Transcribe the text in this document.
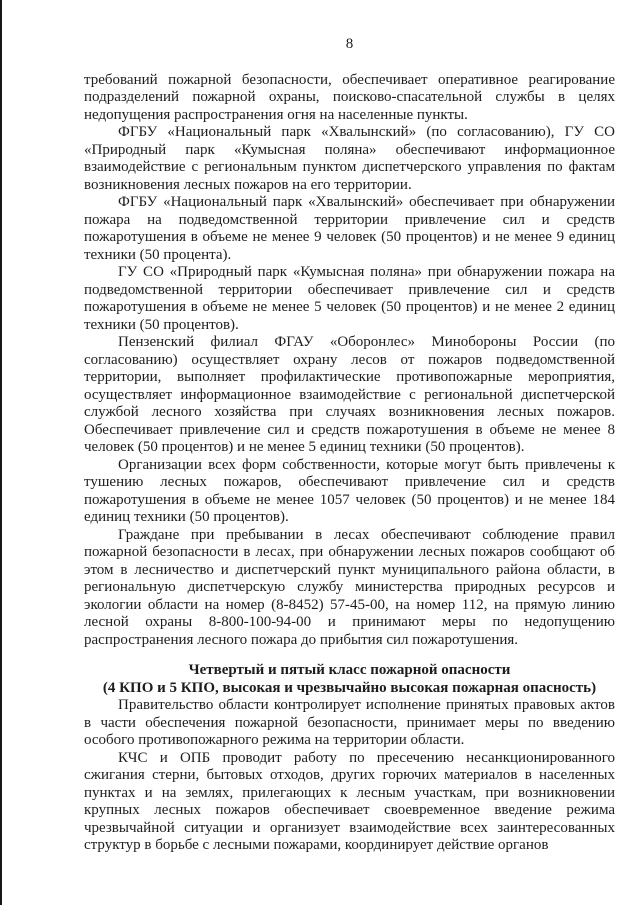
8

требований пожарной безопасности, обеспечивает оперативное реагирование подразделений пожарной охраны, поисково-спасательной службы в целях недопущения распространения огня на населенные пункты.

ФГБУ «Национальный парк «Хвалынский» (по согласованию), ГУ СО «Природный парк «Кумысная поляна» обеспечивают информационное взаимодействие с региональным пунктом диспетчерского управления по фактам возникновения лесных пожаров на его территории.

ФГБУ «Национальный парк «Хвалынский» обеспечивает при обнаружении пожара на подведомственной территории привлечение сил и средств пожаротушения в объеме не менее 9 человек (50 процентов) и не менее 9 единиц техники (50 процента).

ГУ СО «Природный парк «Кумысная поляна» при обнаружении пожара на подведомственной территории обеспечивает привлечение сил и средств пожаротушения в объеме не менее 5 человек (50 процентов) и не менее 2 единиц техники (50 процентов).

Пензенский филиал ФГАУ «Оборонлес» Минобороны России (по согласованию) осуществляет охрану лесов от пожаров подведомственной территории, выполняет профилактические противопожарные мероприятия, осуществляет информационное взаимодействие с региональной диспетчерской службой лесного хозяйства при случаях возникновения лесных пожаров. Обеспечивает привлечение сил и средств пожаротушения в объеме не менее 8 человек (50 процентов) и не менее 5 единиц техники (50 процентов).

Организации всех форм собственности, которые могут быть привлечены к тушению лесных пожаров, обеспечивают привлечение сил и средств пожаротушения в объеме не менее 1057 человек (50 процентов) и не менее 184 единиц техники (50 процентов).

Граждане при пребывании в лесах обеспечивают соблюдение правил пожарной безопасности в лесах, при обнаружении лесных пожаров сообщают об этом в лесничество и диспетчерский пункт муниципального района области, в региональную диспетчерскую службу министерства природных ресурсов и экологии области на номер (8-8452) 57-45-00, на номер 112, на прямую линию лесной охраны 8-800-100-94-00 и принимают меры по недопущению распространения лесного пожара до прибытия сил пожаротушения.

Четвертый и пятый класс пожарной опасности
(4 КПО и 5 КПО, высокая и чрезвычайно высокая пожарная опасность)

Правительство области контролирует исполнение принятых правовых актов в части обеспечения пожарной безопасности, принимает меры по введению особого противопожарного режима на территории области.

КЧС и ОПБ проводит работу по пресечению несанкционированного сжигания стерни, бытовых отходов, других горючих материалов в населенных пунктах и на землях, прилегающих к лесным участкам, при возникновении крупных лесных пожаров обеспечивает своевременное введение режима чрезвычайной ситуации и организует взаимодействие всех заинтересованных структур в борьбе с лесными пожарами, координирует действие органов
